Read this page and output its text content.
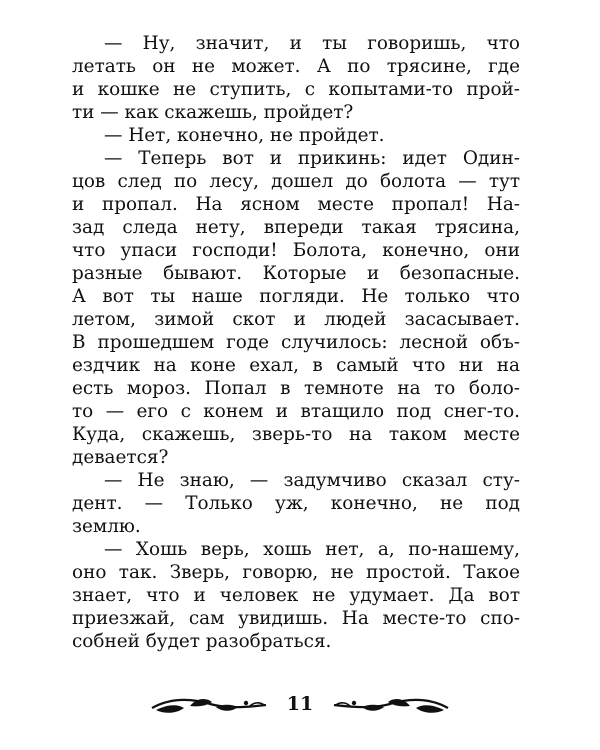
— Ну, значит, и ты говоришь, что
летать он не может. А по трясине, где
и кошке не ступить, с копытами-то прой-
ти — как скажешь, пройдет?
— Нет, конечно, не пройдет.
— Теперь вот и прикинь: идет Один-
цов след по лесу, дошел до болота — тут
и пропал. На ясном месте пропал! На-
зад следа нету, впереди такая трясина,
что упаси господи! Болота, конечно, они
разные бывают. Которые и безопасные.
А вот ты наше погляди. Не только что
летом, зимой скот и людей засасывает.
В прошедшем годе случилось: лесной объ-
ездчик на коне ехал, в самый что ни на
есть мороз. Попал в темноте на то боло-
то — его с конем и втащило под снег-то.
Куда, скажешь, зверь-то на таком месте
девается?
— Не знаю, — задумчиво сказал сту-
дент. — Только уж, конечно, не под
землю.
— Хошь верь, хошь нет, а, по-нашему,
оно так. Зверь, говорю, не простой. Такое
знает, что и человек не удумает. Да вот
приезжай, сам увидишь. На месте-то спо-
собней будет разобраться.
11
